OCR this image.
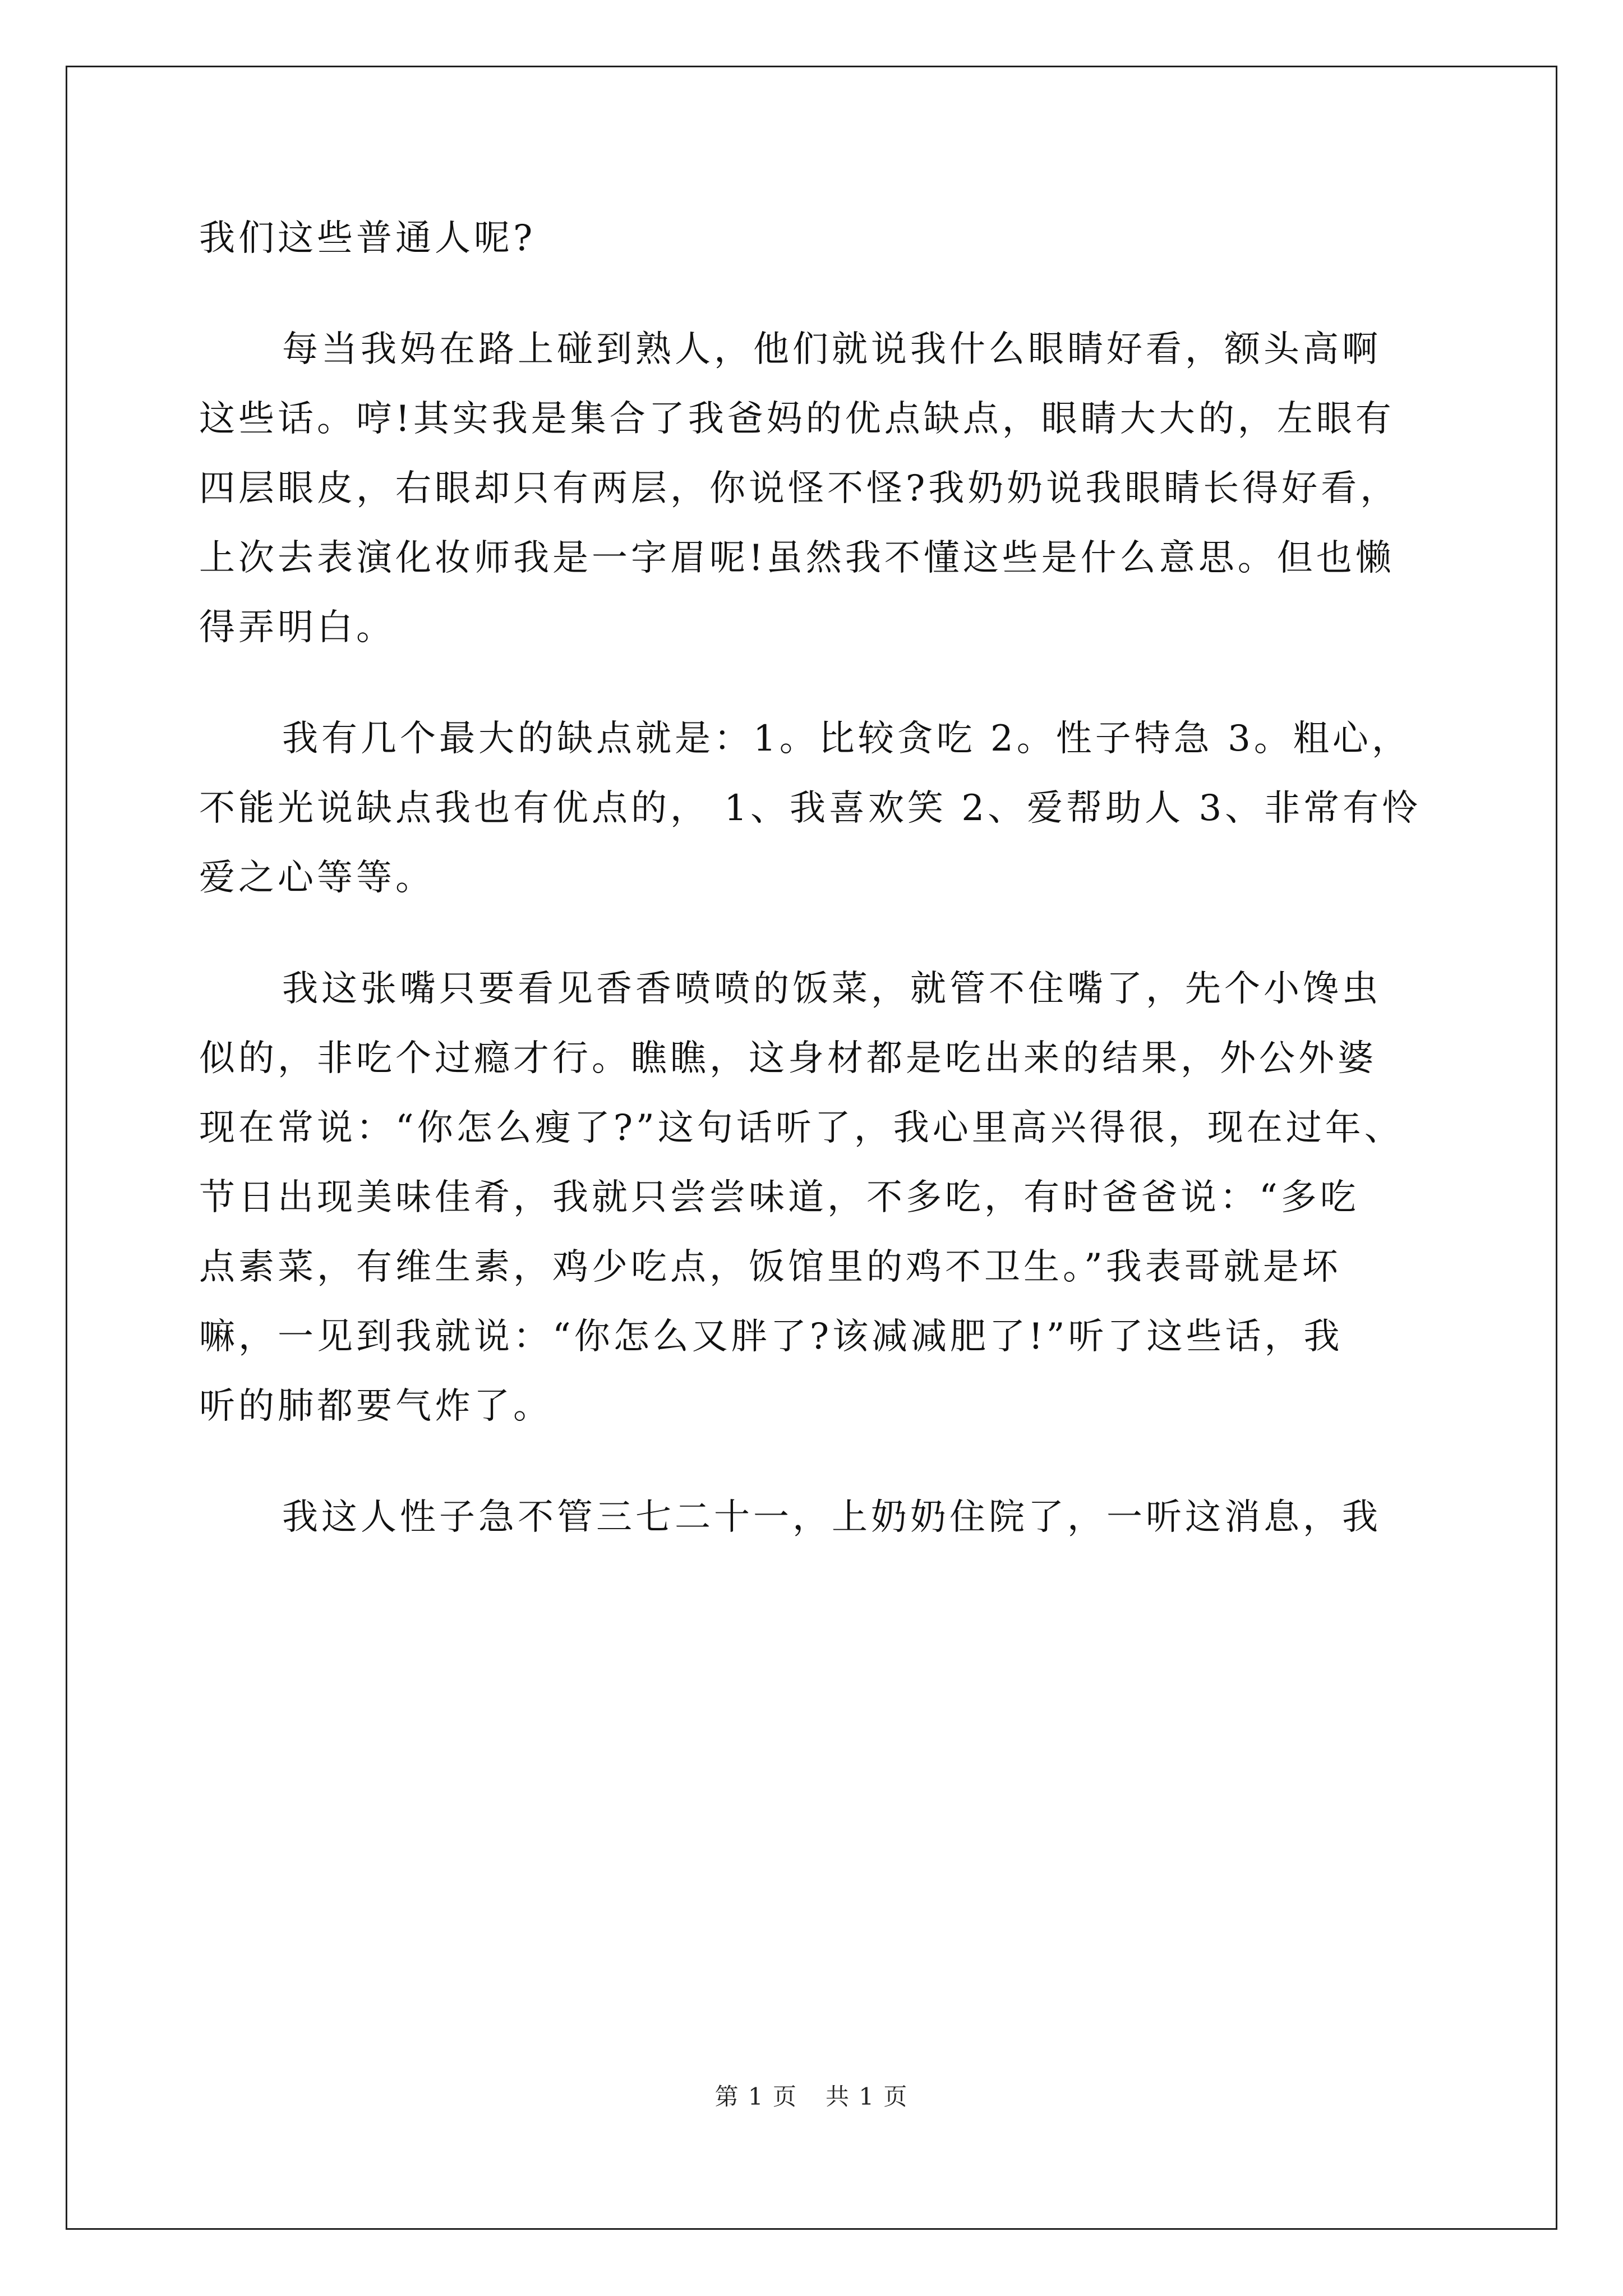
我们这些普通人呢?
每当我妈在路上碰到熟人，他们就说我什么眼睛好看，额头高啊
这些话。哼!其实我是集合了我爸妈的优点缺点，眼睛大大的，左眼有
四层眼皮，右眼却只有两层，你说怪不怪?我奶奶说我眼睛长得好看，
上次去表演化妆师我是一字眉呢!虽然我不懂这些是什么意思。但也懒
得弄明白。
我有几个最大的缺点就是：1。比较贪吃 2。性子特急 3。粗心，
不能光说缺点我也有优点的， 1、我喜欢笑 2、爱帮助人 3、非常有怜
爱之心等等。
我这张嘴只要看见香香喷喷的饭菜，就管不住嘴了，先个小馋虫
似的，非吃个过瘾才行。瞧瞧，这身材都是吃出来的结果，外公外婆
现在常说：“你怎么瘦了?”这句话听了，我心里高兴得很，现在过年、
节日出现美味佳肴，我就只尝尝味道，不多吃，有时爸爸说：“多吃
点素菜，有维生素，鸡少吃点，饭馆里的鸡不卫生。”我表哥就是坏
嘛，一见到我就说：“你怎么又胖了?该减减肥了!”听了这些话，我
听的肺都要气炸了。
我这人性子急不管三七二十一，上奶奶住院了，一听这消息，我
第 1 页 共 1 页
